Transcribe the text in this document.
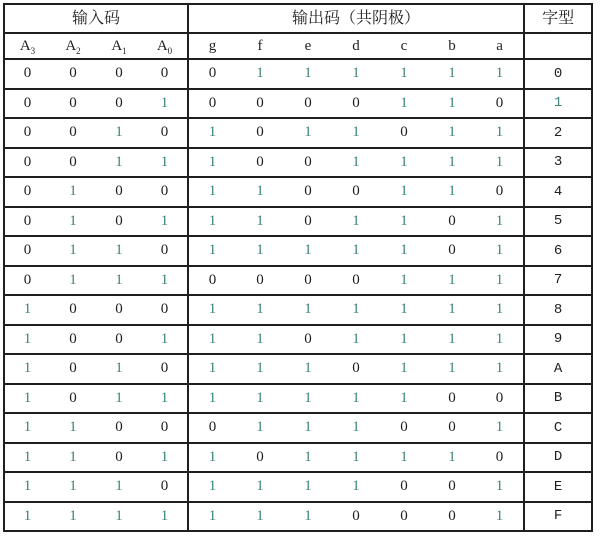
输入码				输出码（共阴极）							字型
$A_3$	$A_2$	$A_1$	$A_0$	g	f	e	d	c	b	a	
0	0	0	0	0	1	1	1	1	1	1	0
0	0	0	1	0	0	0	0	1	1	0	1
0	0	1	0	1	0	1	1	0	1	1	2
0	0	1	1	1	0	0	1	1	1	1	3
0	1	0	0	1	1	0	0	1	1	0	4
0	1	0	1	1	1	0	1	1	0	1	5
0	1	1	0	1	1	1	1	1	0	1	6
0	1	1	1	0	0	0	0	1	1	1	7
1	0	0	0	1	1	1	1	1	1	1	8
1	0	0	1	1	1	0	1	1	1	1	9
1	0	1	0	1	1	1	0	1	1	1	A
1	0	1	1	1	1	1	1	1	0	0	B
1	1	0	0	0	1	1	1	0	0	1	C
1	1	0	1	1	0	1	1	1	1	0	D
1	1	1	0	1	1	1	1	0	0	1	E
1	1	1	1	1	1	1	0	0	0	1	F
